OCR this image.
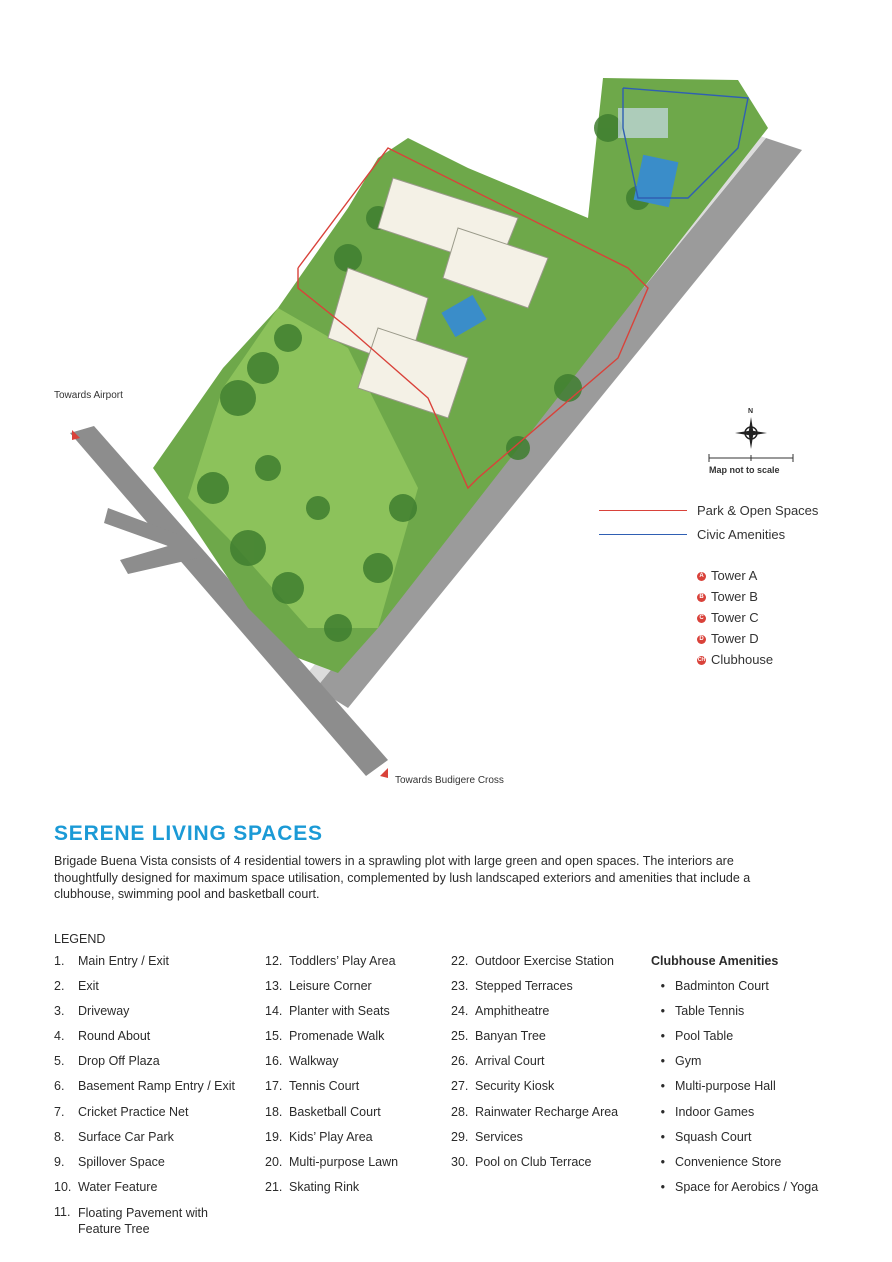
Towards Airport
Towards Budigere Cross
N
Map not to scale
Park & Open Spaces
Civic Amenities
A Tower A
B Tower B
C Tower C
D Tower D
CH Clubhouse
SERENE LIVING SPACES
Brigade Buena Vista consists of 4 residential towers in a sprawling plot with large green and open spaces. The interiors are thoughtfully designed for maximum space utilisation, complemented by lush landscaped exteriors and amenities that include a clubhouse, swimming pool and basketball court.
LEGEND
1.	Main Entry / Exit
2.	Exit
3.	Driveway
4.	Round About
5.	Drop Off Plaza
6.	Basement Ramp Entry / Exit
7.	Cricket Practice Net
8.	Surface Car Park
9.	Spillover Space
10. Water Feature
11. Floating Pavement with
Feature Tree
12. Toddlers’ Play Area
13. Leisure Corner
14. Planter with Seats
15. Promenade Walk
16. Walkway
17. Tennis Court
18. Basketball Court
19. Kids’ Play Area
20. Multi-purpose Lawn
21. Skating Rink
22. Outdoor Exercise Station
23. Stepped Terraces
24. Amphitheatre
25. Banyan Tree
26. Arrival Court
27. Security Kiosk
28. Rainwater Recharge Area
29. Services
30. Pool on Club Terrace
Clubhouse Amenities
• Badminton Court
• Table Tennis
• Pool Table
• Gym
• Multi-purpose Hall
• Indoor Games
• Squash Court
• Convenience Store
• Space for Aerobics / Yoga
